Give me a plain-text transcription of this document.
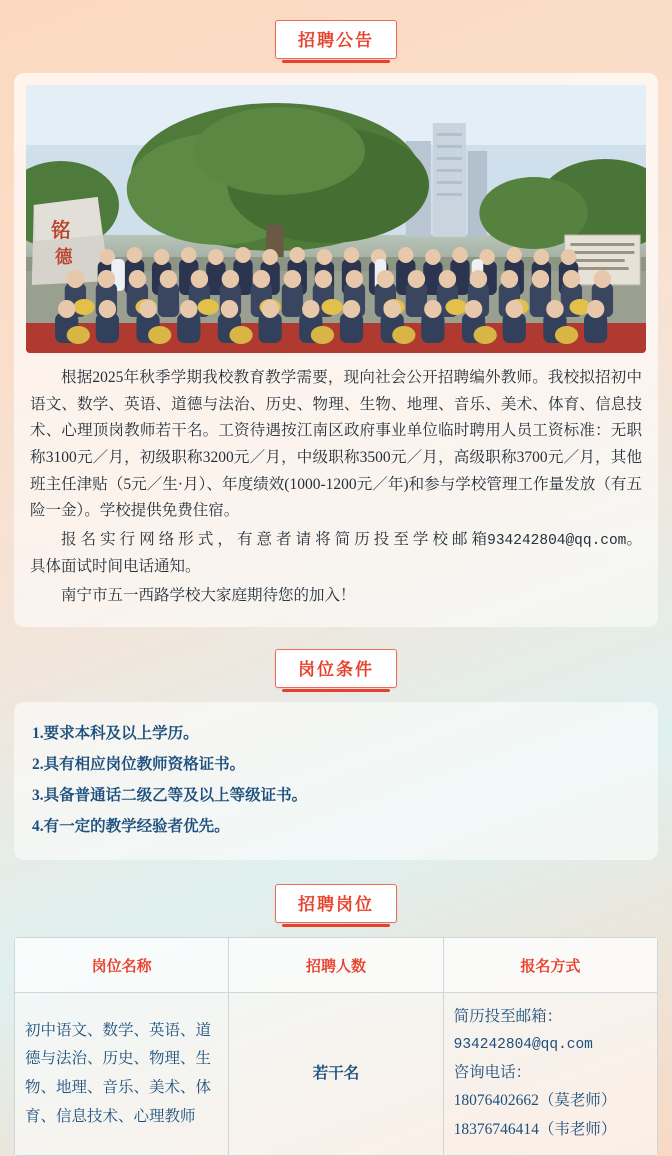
招聘公告
铭
德

根据2025年秋季学期我校教育教学需要，现向社会公开招聘编外教师。我校拟招初中语文、数学、英语、道德与法治、历史、物理、生物、地理、音乐、美术、体育、信息技术、心理顶岗教师若干名。工资待遇按江南区政府事业单位临时聘用人员工资标准：无职称3100元／月，初级职称3200元／月，中级职称3500元／月，高级职称3700元／月，其他班主任津贴（5元／生·月）、年度绩效(1000-1200元／年)和参与学校管理工作量发放（有五险一金）。学校提供免费住宿。

报 名 实 行 网 络 形 式 ， 有 意 者 请 将 简 历 投 至 学 校 邮 箱934242804@qq.com。具体面试时间电话通知。

南宁市五一西路学校大家庭期待您的加入！

岗位条件
1.要求本科及以上学历。
2.具有相应岗位教师资格证书。
3.具备普通话二级乙等及以上等级证书。
4.有一定的教学经验者优先。
招聘岗位
岗位名称	招聘人数	报名方式
初中语文、数学、英语、道德与法治、历史、物理、生物、地理、音乐、美术、体育、信息技术、心理教师	若干名	简历投至邮箱：
934242804@qq.com
咨询电话：
18076402662（莫老师）
18376746414（韦老师）
